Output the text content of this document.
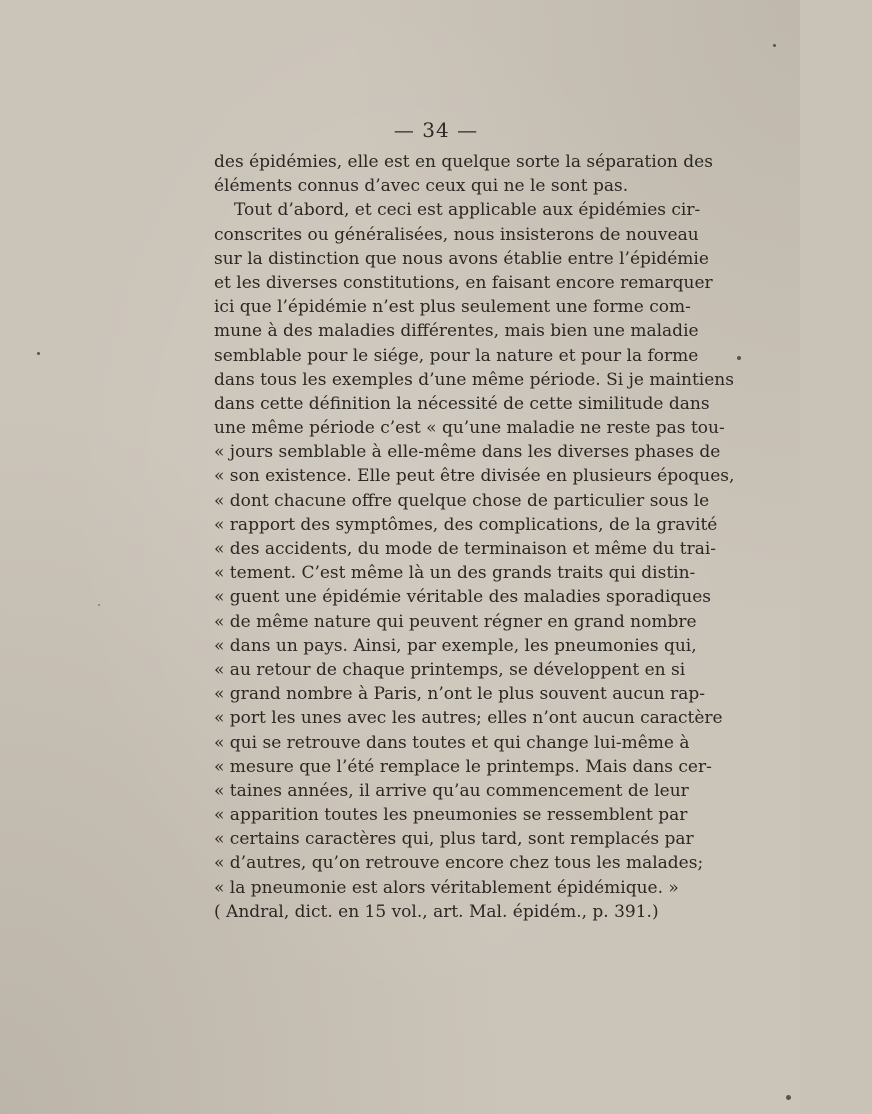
— 34 —
des épidémies, elle est en quelque sorte la séparation des
éléments connus d’avec ceux qui ne le sont pas.
Tout d’abord, et ceci est applicable aux épidémies cir-
conscrites ou généralisées, nous insisterons de nouveau
sur la distinction que nous avons établie entre l’épidémie
et les diverses constitutions, en faisant encore remarquer
ici que l’épidémie n’est plus seulement une forme com-
mune à des maladies différentes, mais bien une maladie
semblable pour le siége, pour la nature et pour la forme
dans tous les exemples d’une même période. Si je maintiens
dans cette définition la nécessité de cette similitude dans
une même période c’est « qu’une maladie ne reste pas tou-
« jours semblable à elle-même dans les diverses phases de
« son existence. Elle peut être divisée en plusieurs époques,
« dont chacune offre quelque chose de particulier sous le
« rapport des symptômes, des complications, de la gravité
« des accidents, du mode de terminaison et même du trai-
« tement. C’est même là un des grands traits qui distin-
« guent une épidémie véritable des maladies sporadiques
« de même nature qui peuvent régner en grand nombre
« dans un pays. Ainsi, par exemple, les pneumonies qui,
« au retour de chaque printemps, se développent en si
« grand nombre à Paris, n’ont le plus souvent aucun rap-
« port les unes avec les autres; elles n’ont aucun caractère
« qui se retrouve dans toutes et qui change lui-même à
« mesure que l’été remplace le printemps. Mais dans cer-
« taines années, il arrive qu’au commencement de leur
« apparition toutes les pneumonies se ressemblent par
« certains caractères qui, plus tard, sont remplacés par
« d’autres, qu’on retrouve encore chez tous les malades;
« la pneumonie est alors véritablement épidémique. »
( Andral, dict. en 15 vol., art. Mal. épidém., p. 391.)
